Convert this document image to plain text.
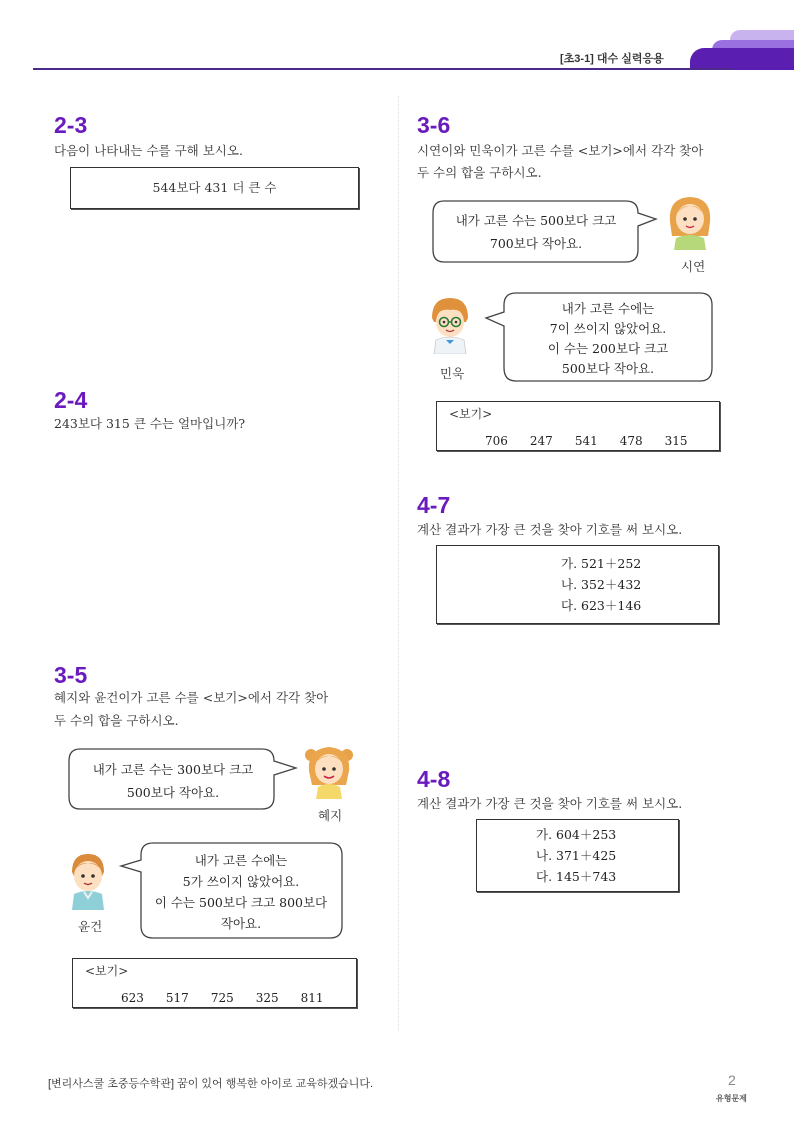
[초3-1] 대수 실력응용
2-3
다음이 나타내는 수를 구해 보시오.
544보다 431 더 큰 수
2-4
243보다 315 큰 수는 얼마입니까?
3-5
혜지와 윤건이가 고른 수를 <보기>에서 각각 찾아
두 수의 합을 구하시오.
내가 고른 수는 300보다 크고
500보다 작아요.
혜지
윤건
내가 고른 수에는
5가 쓰이지 않았어요.
이 수는 500보다 크고 800보다
작아요.
<보기>
623 517 725 325 811
3-6
시연이와 민욱이가 고른 수를 <보기>에서 각각 찾아
두 수의 합을 구하시오.
내가 고른 수는 500보다 크고
700보다 작아요.
시연
민욱
내가 고른 수에는
7이 쓰이지 않았어요.
이 수는 200보다 크고
500보다 작아요.
<보기>
706 247 541 478 315
4-7
계산 결과가 가장 큰 것을 찾아 기호를 써 보시오.
가. 521＋252
나. 352＋432
다. 623＋146
4-8
계산 결과가 가장 큰 것을 찾아 기호를 써 보시오.
가. 604＋253
나. 371＋425
다. 145＋743
[변리사스쿨 초중등수학관] 꿈이 있어 행복한 아이로 교육하겠습니다.	2
유형문제
